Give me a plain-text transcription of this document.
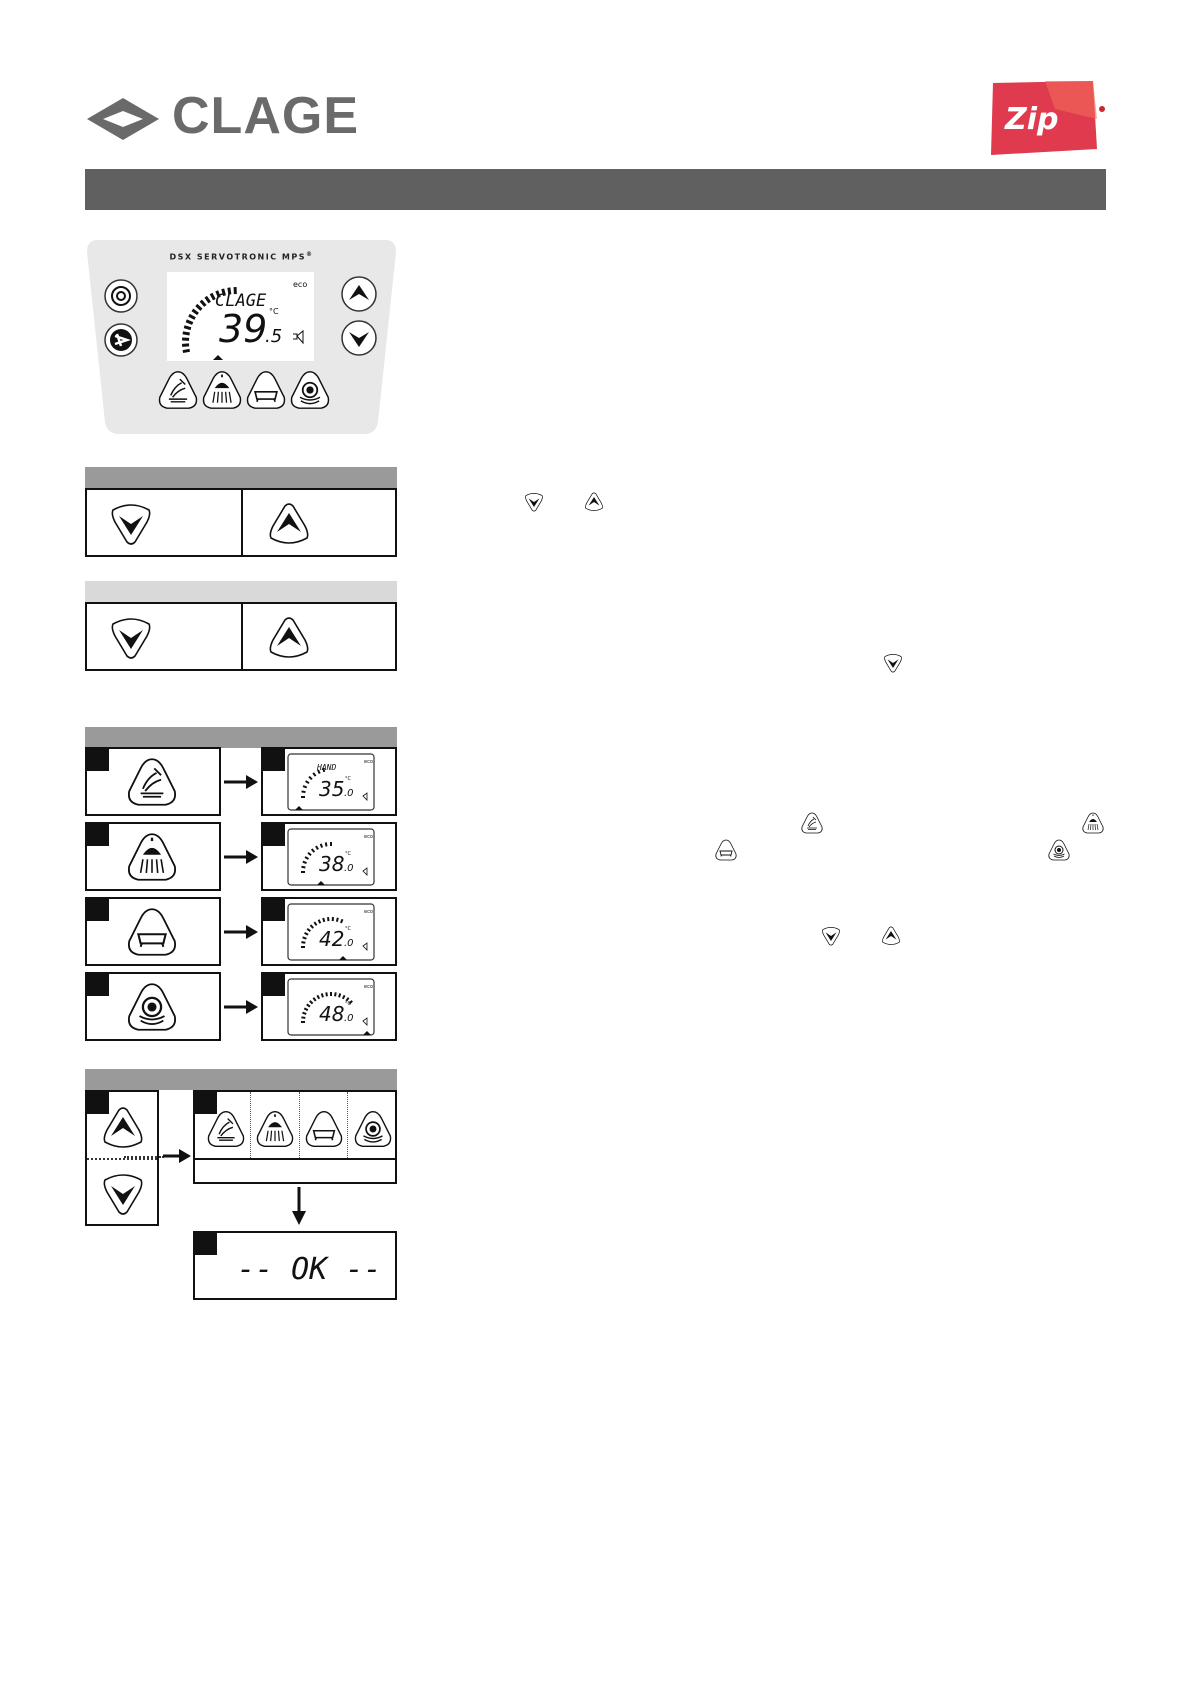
CLAGE	Zip
DSX SERVOTRONIC MPS®
CLAGE
39
.5
°C
eco
eco
HAND
35 .0
°C
eco
38 .0
°C
eco
42 .0
°C
eco
48 .0
°C
-- OK --
